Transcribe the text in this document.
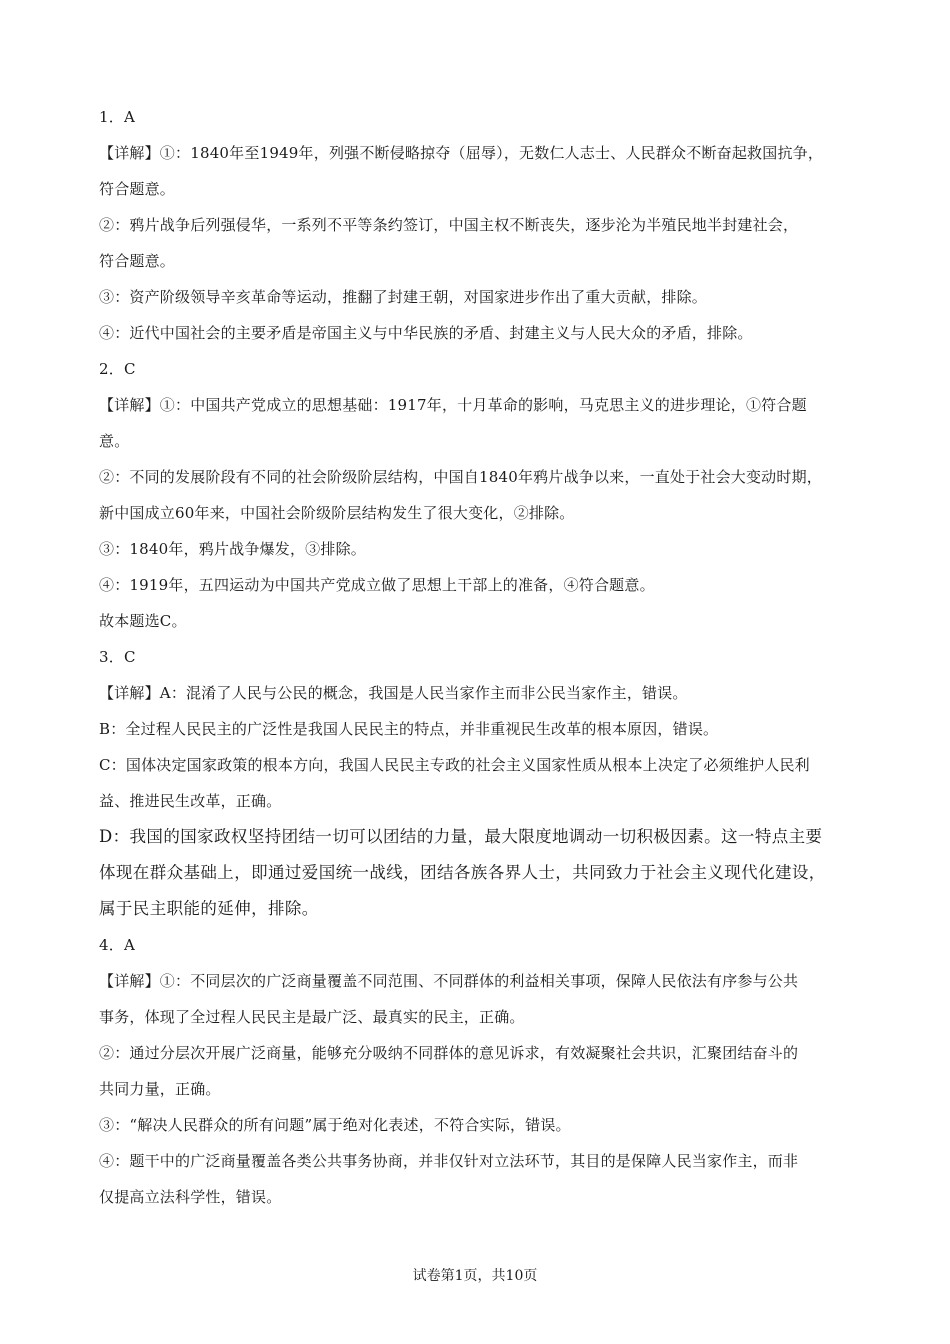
1．A
【详解】①：1840年至1949年，列强不断侵略掠夺（屈辱），无数仁人志士、人民群众不断奋起救国抗争，
符合题意。
②：鸦片战争后列强侵华，一系列不平等条约签订，中国主权不断丧失，逐步沦为半殖民地半封建社会，
符合题意。
③：资产阶级领导辛亥革命等运动，推翻了封建王朝，对国家进步作出了重大贡献，排除。
④：近代中国社会的主要矛盾是帝国主义与中华民族的矛盾、封建主义与人民大众的矛盾，排除。
2．C
【详解】①：中国共产党成立的思想基础：1917年，十月革命的影响，马克思主义的进步理论，①符合题
意。
②：不同的发展阶段有不同的社会阶级阶层结构，中国自1840年鸦片战争以来，一直处于社会大变动时期，
新中国成立60年来，中国社会阶级阶层结构发生了很大变化，②排除。
③：1840年，鸦片战争爆发，③排除。
④：1919年，五四运动为中国共产党成立做了思想上干部上的准备，④符合题意。
故本题选C。
3．C
【详解】A：混淆了人民与公民的概念，我国是人民当家作主而非公民当家作主，错误。
B：全过程人民民主的广泛性是我国人民民主的特点，并非重视民生改革的根本原因，错误。
C：国体决定国家政策的根本方向，我国人民民主专政的社会主义国家性质从根本上决定了必须维护人民利
益、推进民生改革，正确。
D：我国的国家政权坚持团结一切可以团结的力量，最大限度地调动一切积极因素。这一特点主要
体现在群众基础上，即通过爱国统一战线，团结各族各界人士，共同致力于社会主义现代化建设，
属于民主职能的延伸，排除。
4．A
【详解】①：不同层次的广泛商量覆盖不同范围、不同群体的利益相关事项，保障人民依法有序参与公共
事务，体现了全过程人民民主是最广泛、最真实的民主，正确。
②：通过分层次开展广泛商量，能够充分吸纳不同群体的意见诉求，有效凝聚社会共识，汇聚团结奋斗的
共同力量，正确。
③：“解决人民群众的所有问题”属于绝对化表述，不符合实际，错误。
④：题干中的广泛商量覆盖各类公共事务协商，并非仅针对立法环节，其目的是保障人民当家作主，而非
仅提高立法科学性，错误。
试卷第1页，共10页
